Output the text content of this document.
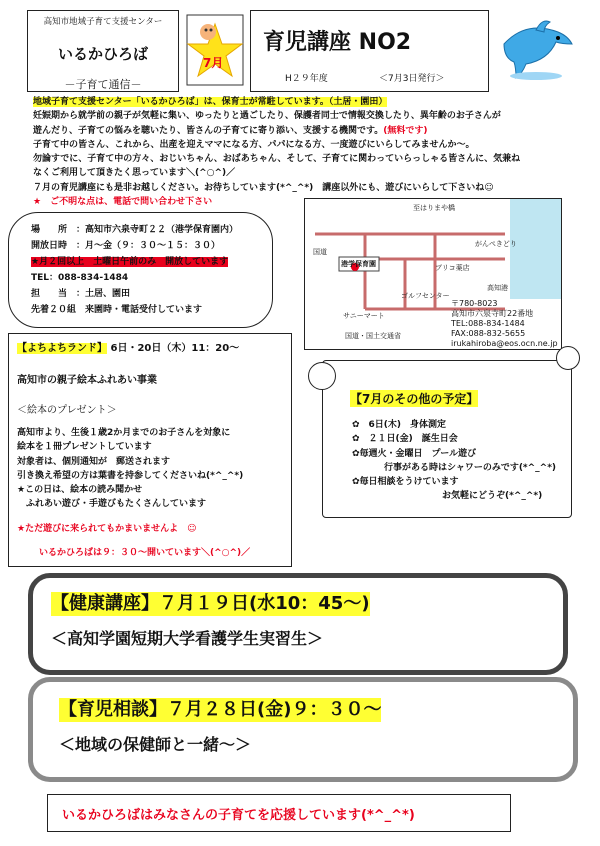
高知市地域子育て支援センター
いるかひろば
－子育て通信－
7月
育児講座 NO2
H２９年度	＜7月3日発行＞
地域子育て支援センター「いるかひろば」は、保育士が常駐しています。（土居・園田）
妊娠期から就学前の親子が気軽に集い、ゆったりと過ごしたり、保護者同士で情報交換したり、異年齢のお子さんが
遊んだり、子育ての悩みを聴いたり、皆さんの子育てに寄り添い、支援する機関です。(無料です)
子育て中の皆さん、これから、出産を迎えママになる方、パパになる方、一度遊びにいらしてみませんか～。
勿論すでに、子育て中の方々、おじいちゃん、おばあちゃん、そして、子育てに関わっていらっしゃる皆さんに、気兼ね
なくご利用して頂きたく思っています＼(^○^)／
７月の育児講座にも是非お越しください。お待ちしています(*^_^*)　講座以外にも、遊びにいらして下さいね☺
★　ご不明な点は、電話で問い合わせ下さい
場　　所　：高知市六泉寺町２２（港学保育園内）
開放日時　：月～金（９：３０～１５：３０）
★月２回以上　土曜日午前のみ　開放しています
TEL：088-834-1484
担　　当　：土居、園田
先着２０組　来園時・電話受付しています
至はりまや橋
がんぺきどり
港学保育園
ゴルフセンター
ブリコ薬店
サニーマート
国道
高知港
国道・国土交通省
〒780-8023
高知市六泉寺町22番地
TEL:088-834-1484
FAX:088-832-5655
irukahiroba@eos.ocn.ne.jp
【よちよちランド】 6日・20日（木）11：20～
高知市の親子絵本ふれあい事業
＜絵本のプレゼント＞
高知市より、生後１歳2か月までのお子さんを対象に
絵本を１冊プレゼントしています
対象者は、個別通知が　郵送されます
引き換え希望の方は葉書を持参してくださいね(*^_^*)
★この日は、絵本の読み聞かせ
　ふれあい遊び・手遊びもたくさんしています
★ただ遊びに来られてもかまいませんよ　☺
いるかひろばは９：３０～開いています＼(^○^)／
【7月のその他の予定】
✿　6日(木)　身体測定
✿　２１日(金)　誕生日会
✿毎週火・金曜日　プール遊び
行事がある時はシャワーのみです(*^_^*)
✿毎日相談をうけています
お気軽にどうぞ(*^_^*)
【健康講座】７月１９日(水10：45～)
＜高知学園短期大学看護学生実習生＞
【育児相談】７月２８日(金)９：３０～
＜地域の保健師と一緒～＞
いるかひろばはみなさんの子育てを応援しています(*^_^*)
